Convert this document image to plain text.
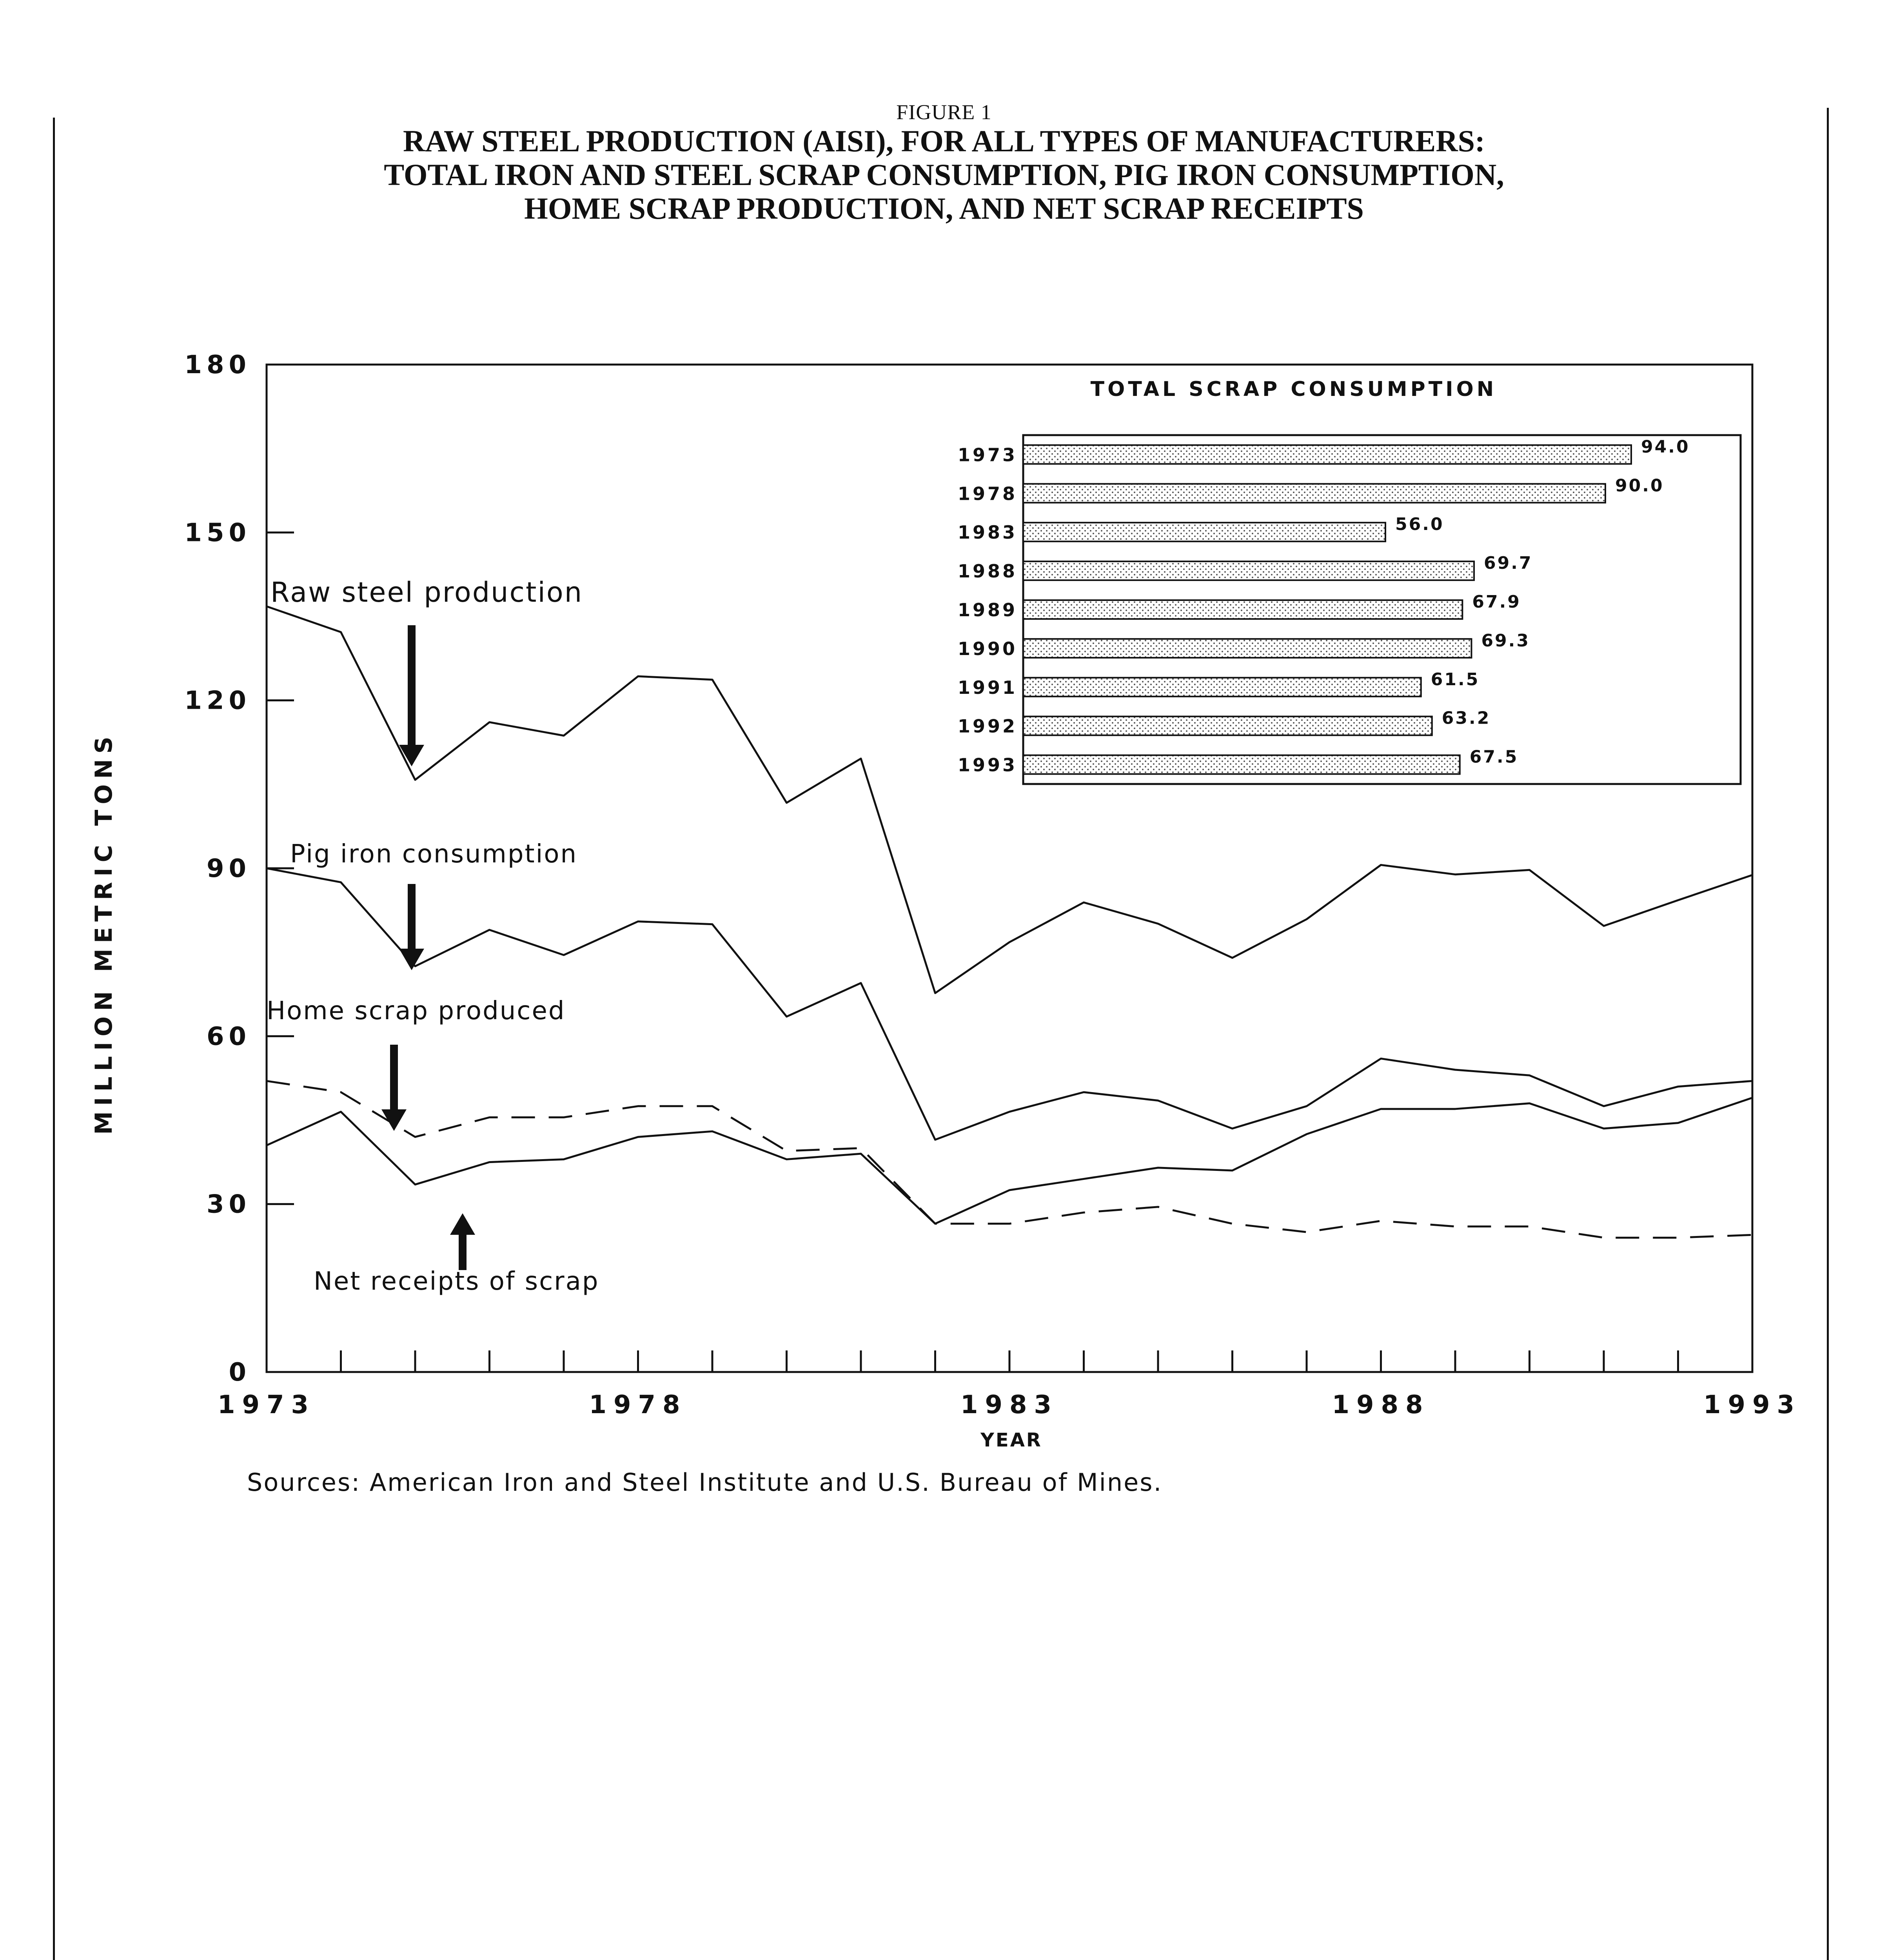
FIGURE 1
RAW STEEL PRODUCTION (AISI), FOR ALL TYPES OF MANUFACTURERS:
TOTAL IRON AND STEEL SCRAP CONSUMPTION, PIG IRON CONSUMPTION,
HOME SCRAP PRODUCTION, AND NET SCRAP RECEIPTS
0
30
60
90
120
150
180
1973	1978	1983	1988	1993
MILLION METRIC TONS
YEAR
Raw steel production
Pig iron consumption
Home scrap produced
Net receipts of scrap
TOTAL SCRAP CONSUMPTION
1973	94.0
1978	90.0
1983	56.0
1988	69.7
1989	67.9
1990	69.3
1991	61.5
1992	63.2
1993	67.5
Sources: American Iron and Steel Institute and U.S. Bureau of Mines.
